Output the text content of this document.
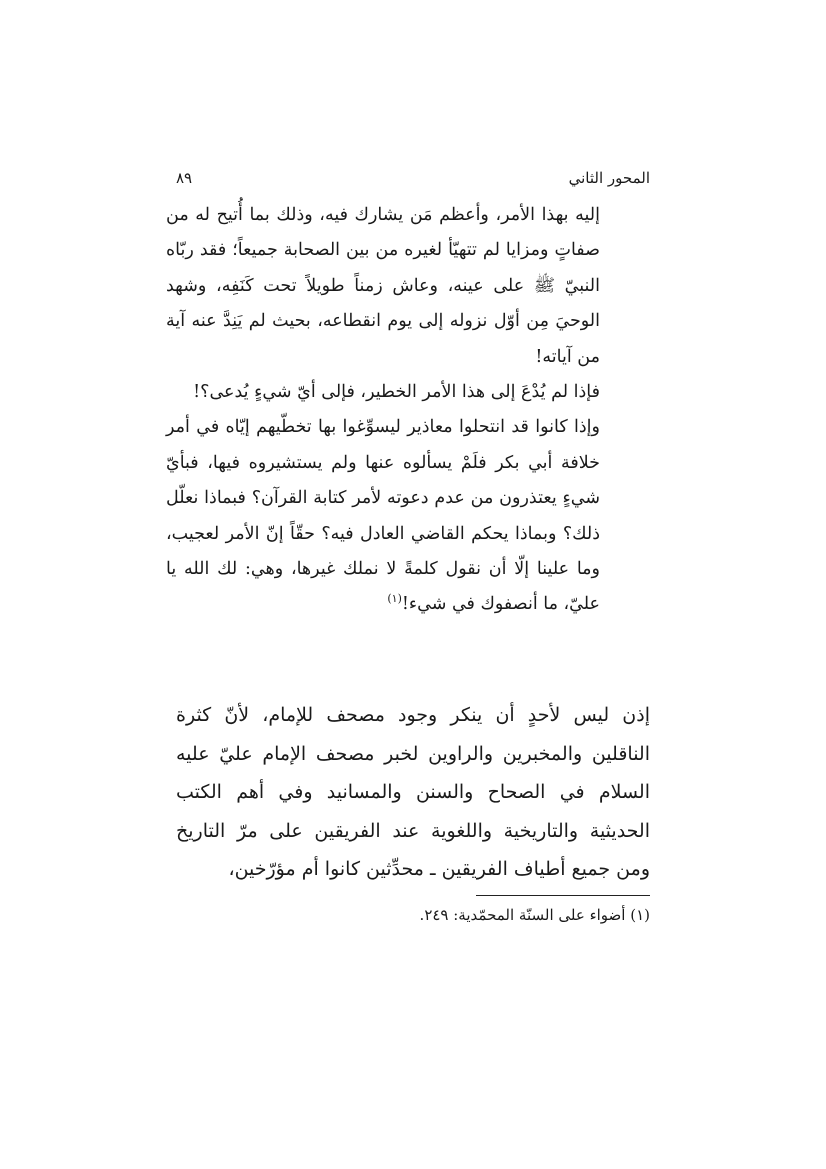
المحور الثاني
٨٩

إليه بهذا الأمر، وأعظم مَن يشارك فيه، وذلك بما أُتيح له من صفاتٍ ومزايا لم تتهيّأ لغيره من بين الصحابة جميعاً؛ فقد ربّاه النبيّ ﷺ على عينه، وعاش زمناً طويلاً تحت كَنَفِه، وشهد الوحيَ مِن أوّل نزوله إلى يوم انقطاعه، بحيث لم يَنِدَّ عنه آية من آياته!

فإذا لم يُدْعَ إلى هذا الأمر الخطير، فإلى أيّ شيءٍ يُدعى؟!

وإذا كانوا قد انتحلوا معاذير ليسوِّغوا بها تخطّيهم إيّاه في أمر خلافة أبي بكر فلَمْ يسألوه عنها ولم يستشيروه فيها، فبأيّ شيءٍ يعتذرون من عدم دعوته لأمر كتابة القرآن؟ فبماذا نعلّل ذلك؟ وبماذا يحكم القاضي العادل فيه؟ حقّاً إنّ الأمر لعجيب، وما علينا إلّا أن نقول كلمةً لا نملك غيرها، وهي: لك الله يا عليّ، ما أنصفوك في شيء!$^{(١)}$

إذن ليس لأحدٍ أن ينكر وجود مصحف للإمام، لأنّ كثرة الناقلين والمخبرين والراوين لخبر مصحف الإمام عليّ عليه السلام في الصحاح والسنن والمسانيد وفي أهم الكتب الحديثية والتاريخية واللغوية عند الفريقين على مرّ التاريخ ومن جميع أطياف الفريقين ـ محدِّثين كانوا أم مؤرّخين،

(١) أضواء على السنّة المحمّدية: ٢٤٩.
